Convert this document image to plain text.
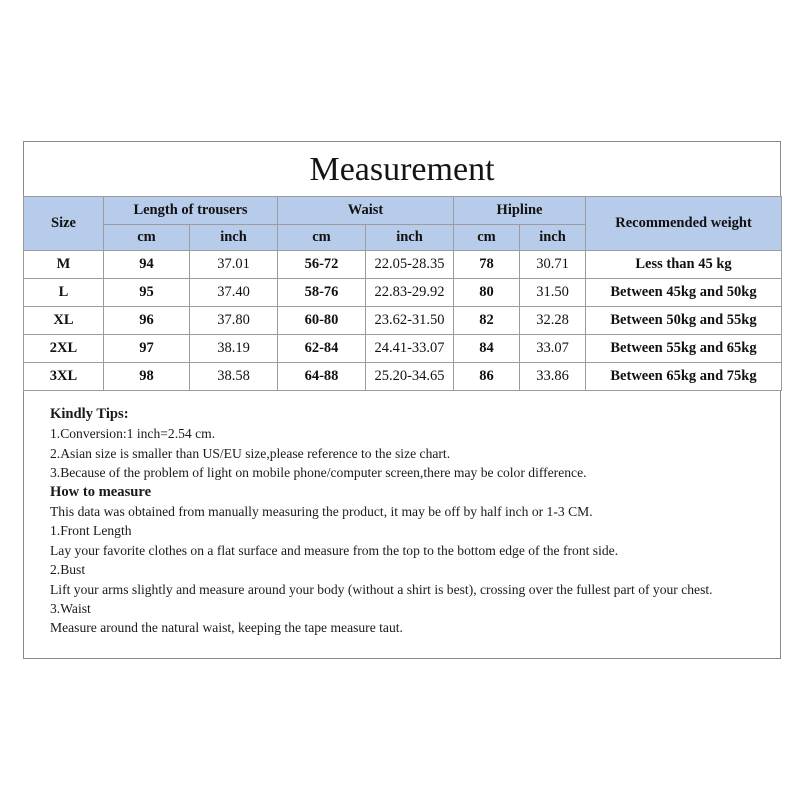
Measurement
Size	Length of trousers		Waist		Hipline		Recommended weight
	cm	inch	cm	inch	cm	inch	
M	94	37.01	56-72	22.05-28.35	78	30.71	Less than 45 kg
L	95	37.40	58-76	22.83-29.92	80	31.50	Between 45kg and 50kg
XL	96	37.80	60-80	23.62-31.50	82	32.28	Between 50kg and 55kg
2XL	97	38.19	62-84	24.41-33.07	84	33.07	Between 55kg and 65kg
3XL	98	38.58	64-88	25.20-34.65	86	33.86	Between 65kg and 75kg
Kindly Tips:
1.Conversion:1 inch=2.54 cm.
2.Asian size is smaller than US/EU size,please reference to the size chart.
3.Because of the problem of light on mobile phone/computer screen,there may be color difference.
How to measure
This data was obtained from manually measuring the product, it may be off by half inch or 1-3 CM.
1.Front Length
Lay your favorite clothes on a flat surface and measure from the top to the bottom edge of the front side.
2.Bust
Lift your arms slightly and measure around your body (without a shirt is best), crossing over the fullest part of your chest.
3.Waist
Measure around the natural waist, keeping the tape measure taut.
